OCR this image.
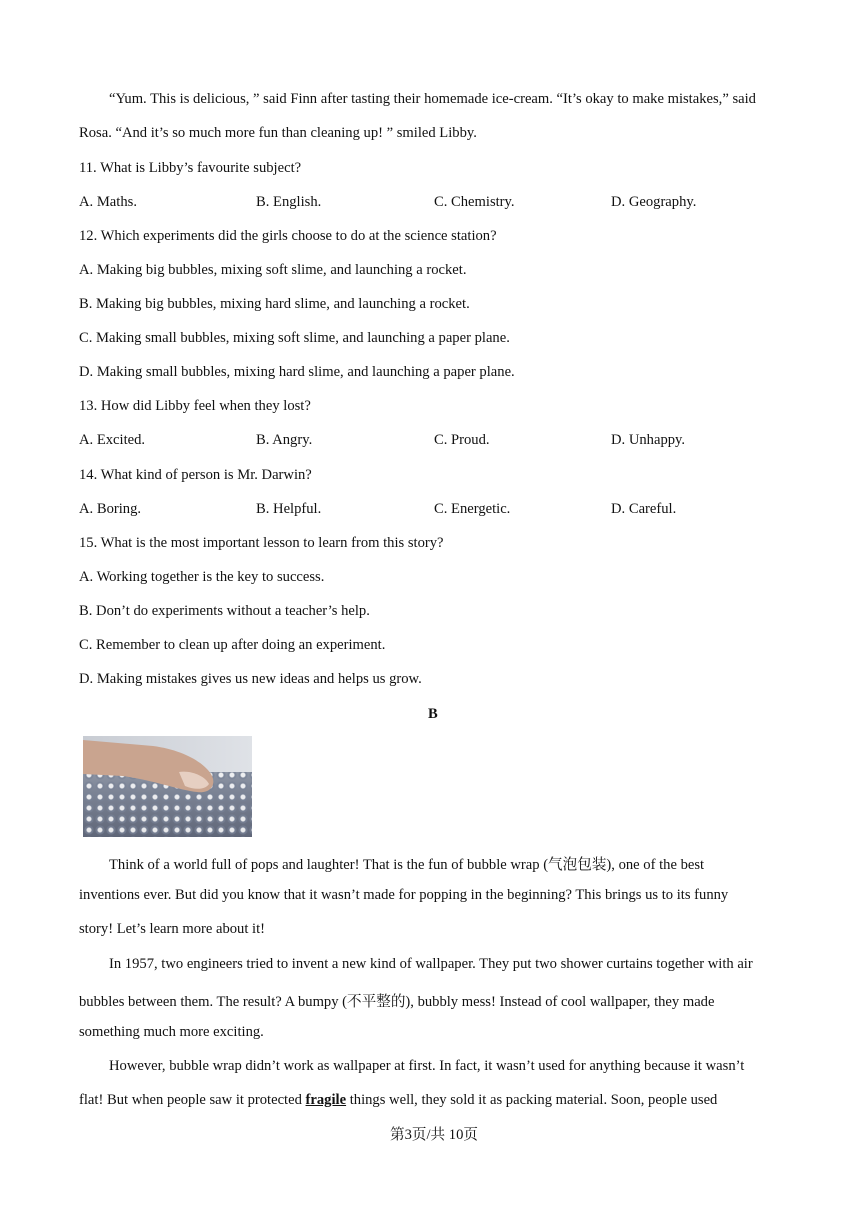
“Yum. This is delicious, ” said Finn after tasting their homemade ice-cream. “It’s okay to make mistakes,” said
Rosa. “And it’s so much more fun than cleaning up! ” smiled Libby.
11. What is Libby’s favourite subject?
A. Maths.	B. English.	C. Chemistry.	D. Geography.
12. Which experiments did the girls choose to do at the science station?
A. Making big bubbles, mixing soft slime, and launching a rocket.
B. Making big bubbles, mixing hard slime, and launching a rocket.
C. Making small bubbles, mixing soft slime, and launching a paper plane.
D. Making small bubbles, mixing hard slime, and launching a paper plane.
13. How did Libby feel when they lost?
A. Excited.	B. Angry.	C. Proud.	D. Unhappy.
14. What kind of person is Mr. Darwin?
A. Boring.	B. Helpful.	C. Energetic.	D. Careful.
15. What is the most important lesson to learn from this story?
A. Working together is the key to success.
B. Don’t do experiments without a teacher’s help.
C. Remember to clean up after doing an experiment.
D. Making mistakes gives us new ideas and helps us grow.
B
Think of a world full of pops and laughter! That is the fun of bubble wrap (气泡包装), one of the best
inventions ever. But did you know that it wasn’t made for popping in the beginning? This brings us to its funny
story! Let’s learn more about it!
In 1957, two engineers tried to invent a new kind of wallpaper. They put two shower curtains together with air
bubbles between them. The result? A bumpy (不平整的), bubbly mess! Instead of cool wallpaper, they made
something much more exciting.
However, bubble wrap didn’t work as wallpaper at first. In fact, it wasn’t used for anything because it wasn’t
flat! But when people saw it protected fragile things well, they sold it as packing material. Soon, people used
第3页/共 10页
